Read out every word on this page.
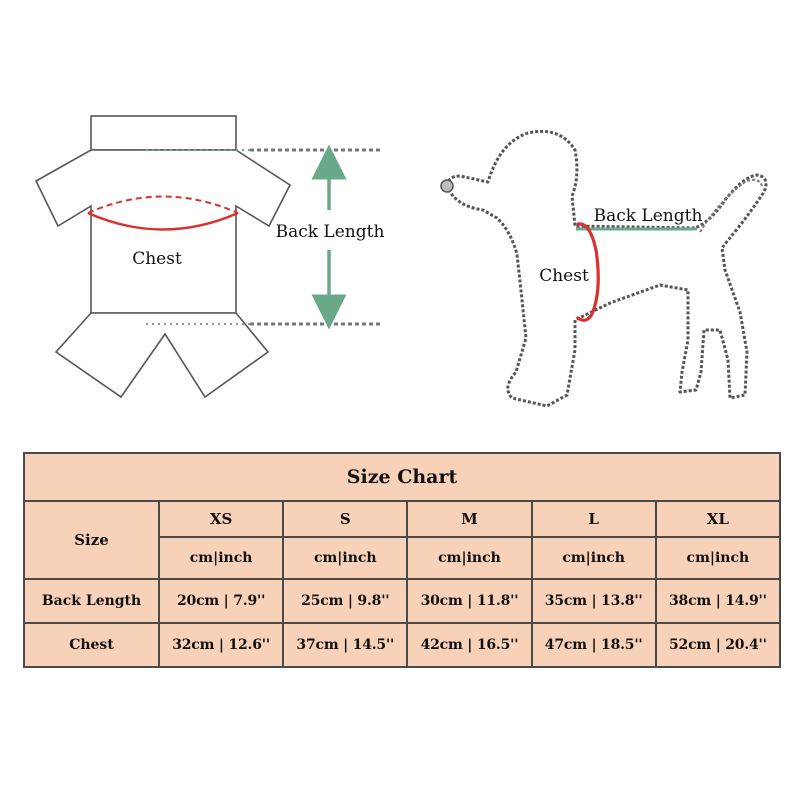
Chest
Back Length
Back Length
Chest
Size Chart					
Size	XS	S	M	L	XL
	cm|inch	cm|inch	cm|inch	cm|inch	cm|inch
Back Length	20cm | 7.9''	25cm | 9.8''	30cm | 11.8''	35cm | 13.8''	38cm | 14.9''
Chest	32cm | 12.6''	37cm | 14.5''	42cm | 16.5''	47cm | 18.5''	52cm | 20.4''
